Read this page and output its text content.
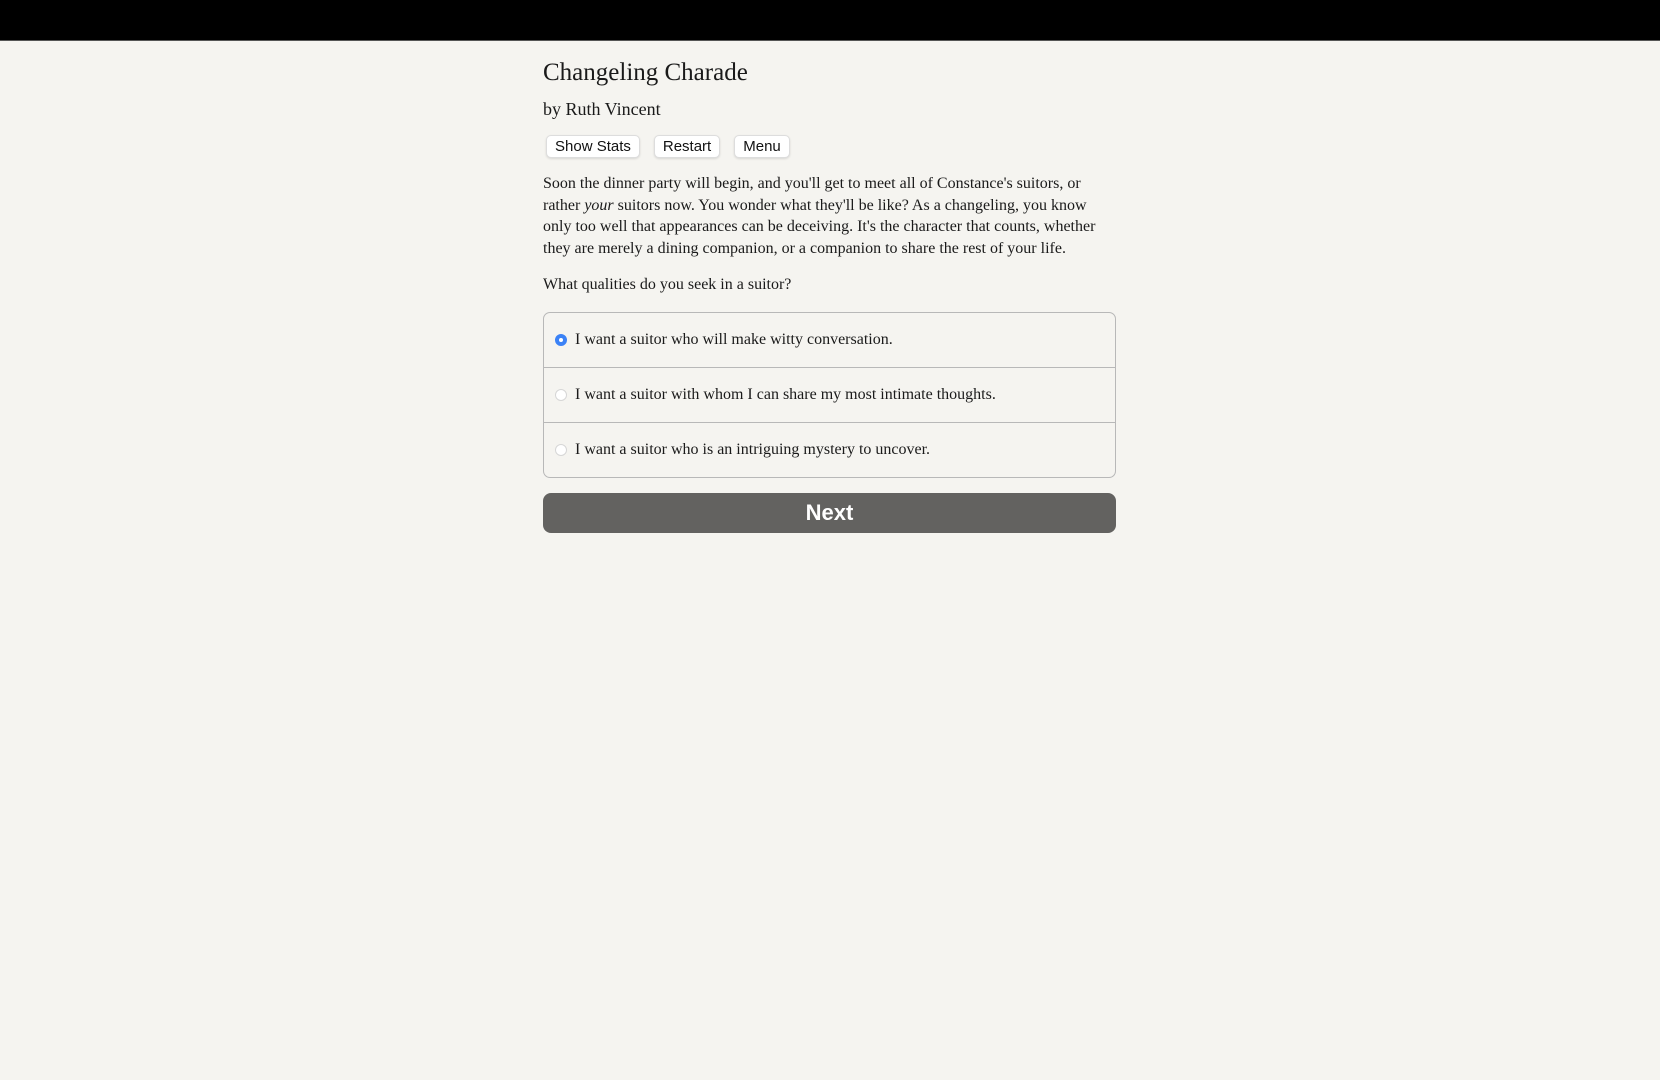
Changeling Charade
by Ruth Vincent
Show Stats	Restart	Menu

Soon the dinner party will begin, and you'll get to meet all of Constance's suitors, or rather your suitors now. You wonder what they'll be like? As a changeling, you know only too well that appearances can be deceiving. It's the character that counts, whether they are merely a dining companion, or a companion to share the rest of your life.

What qualities do you seek in a suitor?

I want a suitor who will make witty conversation.
I want a suitor with whom I can share my most intimate thoughts.
I want a suitor who is an intriguing mystery to uncover.
Next
